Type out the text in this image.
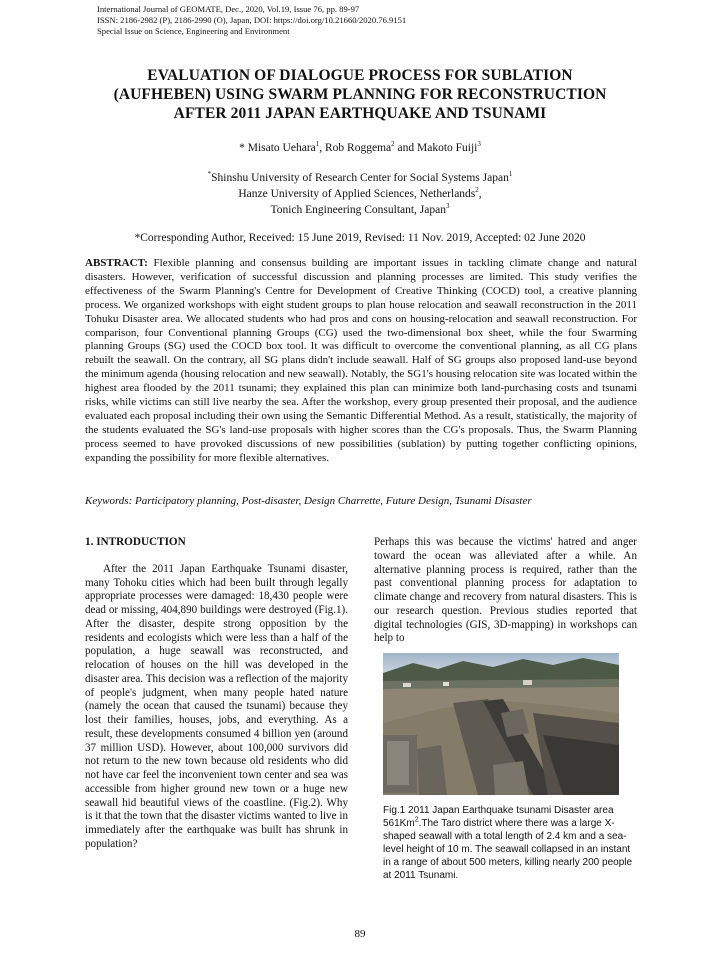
International Journal of GEOMATE, Dec., 2020, Vol.19, Issue 76, pp. 89-97
ISSN: 2186-2982 (P), 2186-2990 (O), Japan, DOI: https://doi.org/10.21660/2020.76.9151
Special Issue on Science, Engineering and Environment
EVALUATION OF DIALOGUE PROCESS FOR SUBLATION
(AUFHEBEN) USING SWARM PLANNING FOR RECONSTRUCTION
AFTER 2011 JAPAN EARTHQUAKE AND TSUNAMI
* Misato Uehara$^1$, Rob Roggema$^2$ and Makoto Fuiji$^3$
*Shinshu University of Research Center for Social Systems Japan$^1$
Hanze University of Applied Sciences, Netherlands$^2$,
Tonich Engineering Consultant, Japan$^3$
*Corresponding Author, Received: 15 June 2019, Revised: 11 Nov. 2019, Accepted: 02 June 2020
ABSTRACT: Flexible planning and consensus building are important issues in tackling climate change and natural disasters. However, verification of successful discussion and planning processes are limited. This study verifies the effectiveness of the Swarm Planning's Centre for Development of Creative Thinking (COCD) tool, a creative planning process. We organized workshops with eight student groups to plan house relocation and seawall reconstruction in the 2011 Tohuku Disaster area. We allocated students who had pros and cons on housing-relocation and seawall reconstruction. For comparison, four Conventional planning Groups (CG) used the two-dimensional box sheet, while the four Swarming planning Groups (SG) used the COCD box tool. It was difficult to overcome the conventional planning, as all CG plans rebuilt the seawall. On the contrary, all SG plans didn't include seawall. Half of SG groups also proposed land-use beyond the minimum agenda (housing relocation and new seawall). Notably, the SG1's housing relocation site was located within the highest area flooded by the 2011 tsunami; they explained this plan can minimize both land-purchasing costs and tsunami risks, while victims can still live nearby the sea. After the workshop, every group presented their proposal, and the audience evaluated each proposal including their own using the Semantic Differential Method. As a result, statistically, the majority of the students evaluated the SG's land-use proposals with higher scores than the CG's proposals. Thus, the Swarm Planning process seemed to have provoked discussions of new possibilities (sublation) by putting together conflicting opinions, expanding the possibility for more flexible alternatives.
Keywords: Participatory planning, Post-disaster, Design Charrette, Future Design, Tsunami Disaster
1. INTRODUCTION

After the 2011 Japan Earthquake Tsunami disaster, many Tohoku cities which had been built through legally appropriate processes were damaged: 18,430 people were dead or missing, 404,890 buildings were destroyed (Fig.1). After the disaster, despite strong opposition by the residents and ecologists which were less than a half of the population, a huge seawall was reconstructed, and relocation of houses on the hill was developed in the disaster area. This decision was a reflection of the majority of people's judgment, when many people hated nature (namely the ocean that caused the tsunami) because they lost their families, houses, jobs, and everything. As a result, these developments consumed 4 billion yen (around 37 million USD). However, about 100,000 survivors did not return to the new town because old residents who did not have car feel the inconvenient town center and sea was accessible from higher ground new town or a huge new seawall hid beautiful views of the coastline. (Fig.2). Why is it that the town that the disaster victims wanted to live in immediately after the earthquake was built has shrunk in population?

Perhaps this was because the victims' hatred and anger toward the ocean was alleviated after a while. An alternative planning process is required, rather than the past conventional planning process for adaptation to climate change and recovery from natural disasters. This is our research question. Previous studies reported that digital technologies (GIS, 3D-mapping) in workshops can help to

Fig.1 2011 Japan Earthquake tsunami Disaster area 561Km$^2$.The Taro district where there was a large X-shaped seawall with a total length of 2.4 km and a sea-level height of 10 m. The seawall collapsed in an instant in a range of about 500 meters, killing nearly 200 people at 2011 Tsunami.
89
